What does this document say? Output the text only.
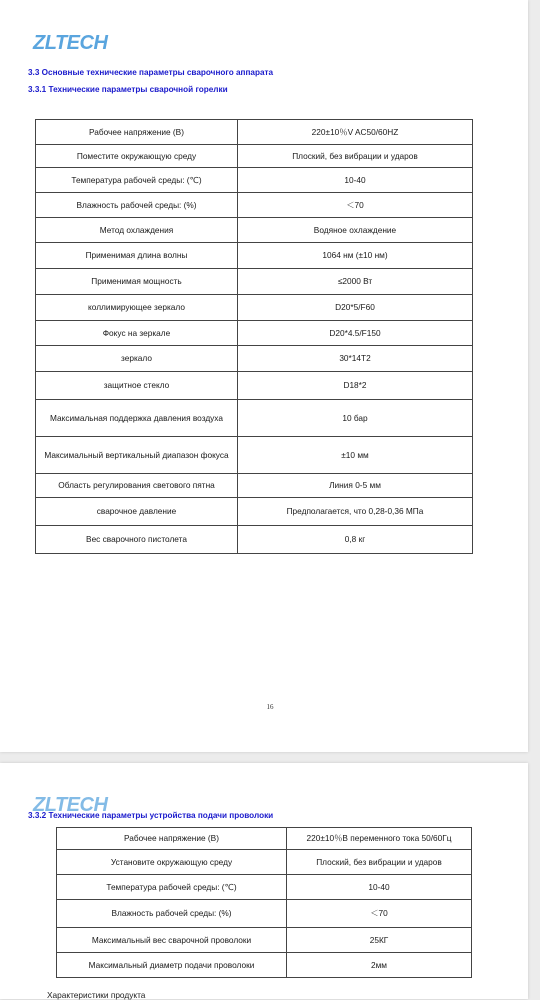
ZLTECH
3.3 Основные технические параметры сварочного аппарата
3.3.1 Технические параметры сварочной горелки
Рабочее напряжение (В)	220±10％V AC50/60HZ
Поместите окружающую среду	Плоский, без вибрации и ударов
Температура рабочей среды: (℃)	10-40
Влажность рабочей среды: (%)	＜70
Метод охлаждения	Водяное охлаждение
Применимая длина волны	1064 нм (±10 нм)
Применимая мощность	≤2000 Вт
коллимирующее зеркало	D20*5/F60
Фокус на зеркале	D20*4.5/F150
зеркало	30*14T2
защитное стекло	D18*2
Максимальная поддержка давления воздуха	10 бар
Максимальный вертикальный диапазон фокуса	±10 мм
Область регулирования светового пятна	Линия 0-5 мм
сварочное давление	Предполагается, что 0,28-0,36 МПа
Вес сварочного пистолета	0,8 кг
16
ZLTECH
3.3.2 Технические параметры устройства подачи проволоки
Рабочее напряжение (В)	220±10％В переменного тока 50/60Гц
Установите окружающую среду	Плоский, без вибрации и ударов
Температура рабочей среды: (℃)	10-40
Влажность рабочей среды: (%)	＜70
Максимальный вес сварочной проволоки	25КГ
Максимальный диаметр подачи проволоки	2мм
Характеристики продукта
